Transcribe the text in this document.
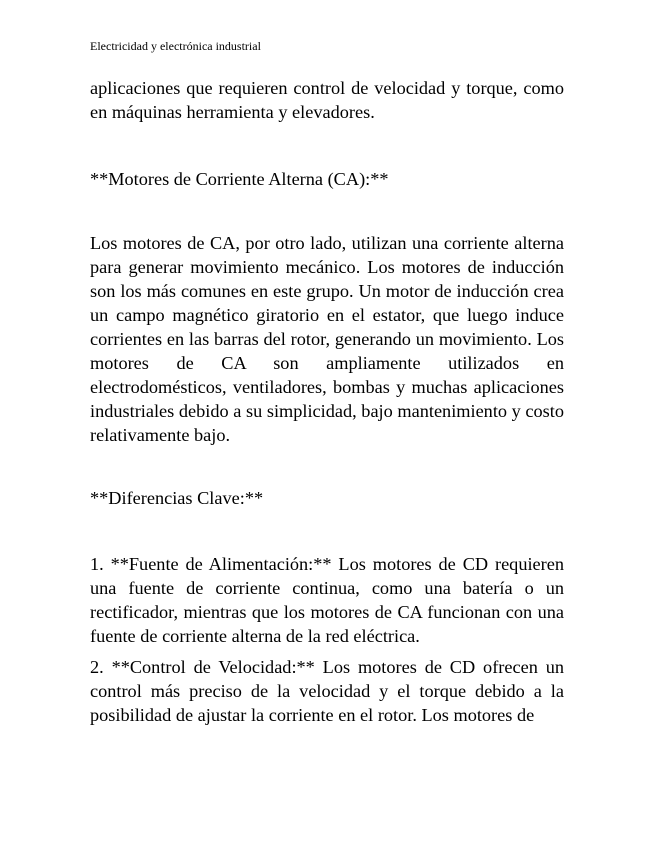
Electricidad y electrónica industrial

aplicaciones que requieren control de velocidad y torque, como en máquinas herramienta y elevadores.

**Motores de Corriente Alterna (CA):**

Los motores de CA, por otro lado, utilizan una corriente alterna para generar movimiento mecánico. Los motores de inducción son los más comunes en este grupo. Un motor de inducción crea un campo magnético giratorio en el estator, que luego induce corrientes en las barras del rotor, generando un movimiento. Los motores de CA son ampliamente utilizados en electrodomésticos, ventiladores, bombas y muchas aplicaciones industriales debido a su simplicidad, bajo mantenimiento y costo relativamente bajo.

**Diferencias Clave:**

1. **Fuente de Alimentación:** Los motores de CD requieren una fuente de corriente continua, como una batería o un rectificador, mientras que los motores de CA funcionan con una fuente de corriente alterna de la red eléctrica.

2. **Control de Velocidad:** Los motores de CD ofrecen un control más preciso de la velocidad y el torque debido a la posibilidad de ajustar la corriente en el rotor. Los motores de
